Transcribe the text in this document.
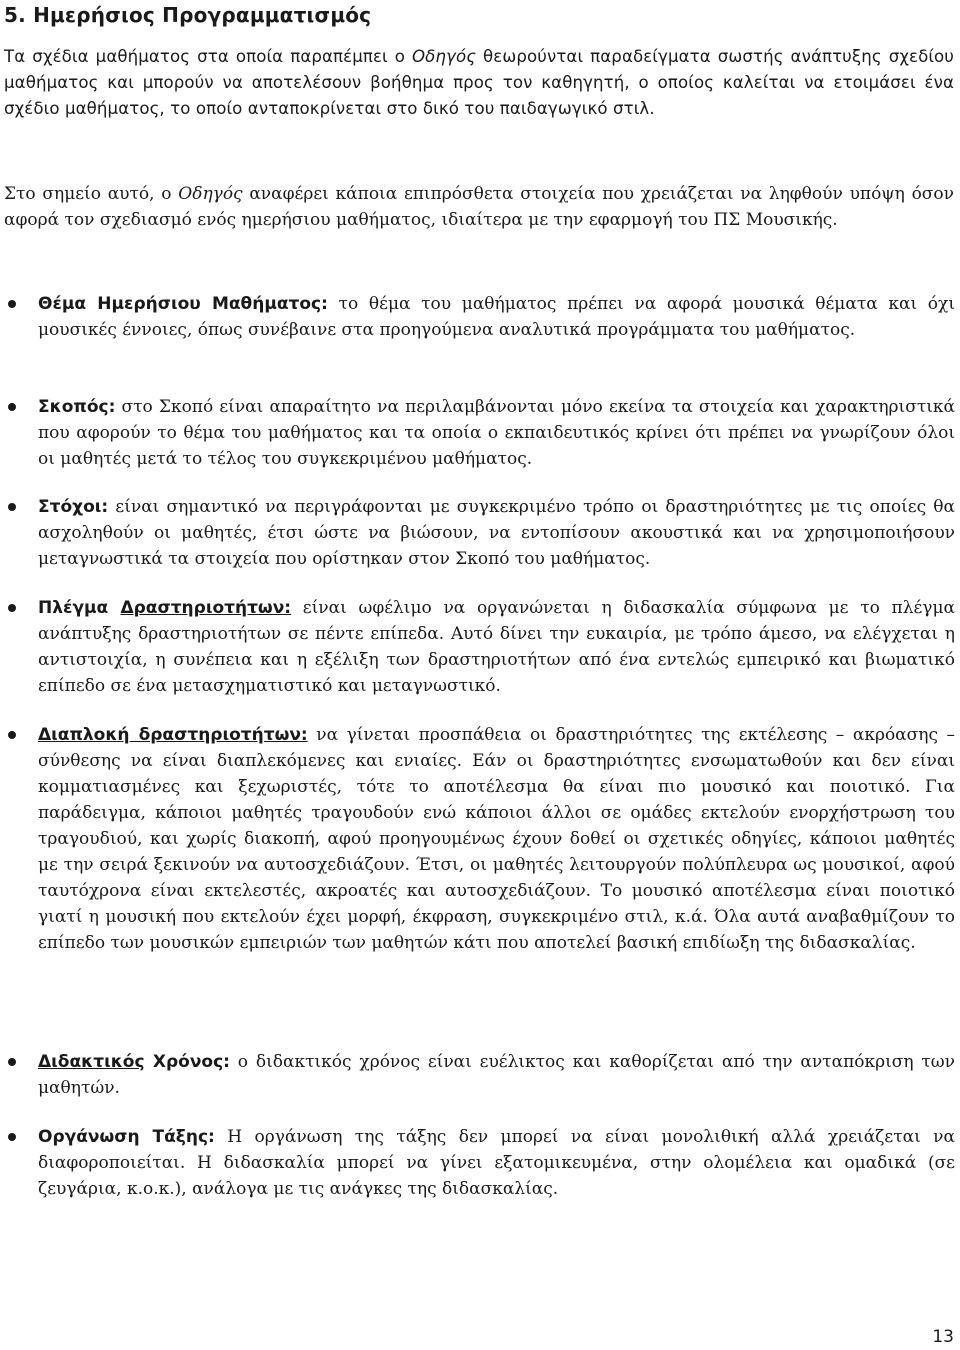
5. Ημερήσιος Προγραμματισμός

Τα σχέδια μαθήματος στα οποία παραπέμπει ο Οδηγός θεωρούνται παραδείγματα σωστής ανάπτυξης σχεδίου μαθήματος και μπορούν να αποτελέσουν βοήθημα προς τον καθηγητή, ο οποίος καλείται να ετοιμάσει ένα σχέδιο μαθήματος, το οποίο ανταποκρίνεται στο δικό του παιδαγωγικό στιλ.

Στο σημείο αυτό, ο Οδηγός αναφέρει κάποια επιπρόσθετα στοιχεία που χρειάζεται να ληφθούν υπόψη όσον αφορά τον σχεδιασμό ενός ημερήσιου μαθήματος, ιδιαίτερα με την εφαρμογή του ΠΣ Μουσικής.

Θέμα Ημερήσιου Μαθήματος: το θέμα του μαθήματος πρέπει να αφορά μουσικά θέματα και όχι μουσικές έννοιες, όπως συνέβαινε στα προηγούμενα αναλυτικά προγράμματα του μαθήματος.

Σκοπός: στο Σκοπό είναι απαραίτητο να περιλαμβάνονται μόνο εκείνα τα στοιχεία και χαρακτηριστικά που αφορούν το θέμα του μαθήματος και τα οποία ο εκπαιδευτικός κρίνει ότι πρέπει να γνωρίζουν όλοι οι μαθητές μετά το τέλος του συγκεκριμένου μαθήματος.

Στόχοι: είναι σημαντικό να περιγράφονται με συγκεκριμένο τρόπο οι δραστηριότητες με τις οποίες θα ασχοληθούν οι μαθητές, έτσι ώστε να βιώσουν, να εντοπίσουν ακουστικά και να χρησιμοποιήσουν μεταγνωστικά τα στοιχεία που ορίστηκαν στον Σκοπό του μαθήματος.

Πλέγμα Δραστηριοτήτων: είναι ωφέλιμο να οργανώνεται η διδασκαλία σύμφωνα με το πλέγμα ανάπτυξης δραστηριοτήτων σε πέντε επίπεδα. Αυτό δίνει την ευκαιρία, με τρόπο άμεσο, να ελέγχεται η αντιστοιχία, η συνέπεια και η εξέλιξη των δραστηριοτήτων από ένα εντελώς εμπειρικό και βιωματικό επίπεδο σε ένα μετασχηματιστικό και μεταγνωστικό.

Διαπλοκή δραστηριοτήτων: να γίνεται προσπάθεια οι δραστηριότητες της εκτέλεσης – ακρόασης – σύνθεσης να είναι διαπλεκόμενες και ενιαίες. Εάν οι δραστηριότητες ενσωματωθούν και δεν είναι κομματιασμένες και ξεχωριστές, τότε το αποτέλεσμα θα είναι πιο μουσικό και ποιοτικό. Για παράδειγμα, κάποιοι μαθητές τραγουδούν ενώ κάποιοι άλλοι σε ομάδες εκτελούν ενορχήστρωση του τραγουδιού, και χωρίς διακοπή, αφού προηγουμένως έχουν δοθεί οι σχετικές οδηγίες, κάποιοι μαθητές με την σειρά ξεκινούν να αυτοσχεδιάζουν. Έτσι, οι μαθητές λειτουργούν πολύπλευρα ως μουσικοί, αφού ταυτόχρονα είναι εκτελεστές, ακροατές και αυτοσχεδιάζουν. Το μουσικό αποτέλεσμα είναι ποιοτικό γιατί η μουσική που εκτελούν έχει μορφή, έκφραση, συγκεκριμένο στιλ, κ.ά. Όλα αυτά αναβαθμίζουν το επίπεδο των μουσικών εμπειριών των μαθητών κάτι που αποτελεί βασική επιδίωξη της διδασκαλίας.

Διδακτικός Χρόνος: ο διδακτικός χρόνος είναι ευέλικτος και καθορίζεται από την ανταπόκριση των μαθητών.

Οργάνωση Τάξης: Η οργάνωση της τάξης δεν μπορεί να είναι μονολιθική αλλά χρειάζεται να διαφοροποιείται. Η διδασκαλία μπορεί να γίνει εξατομικευμένα, στην ολομέλεια και ομαδικά (σε ζευγάρια, κ.ο.κ.), ανάλογα με τις ανάγκες της διδασκαλίας.

13
